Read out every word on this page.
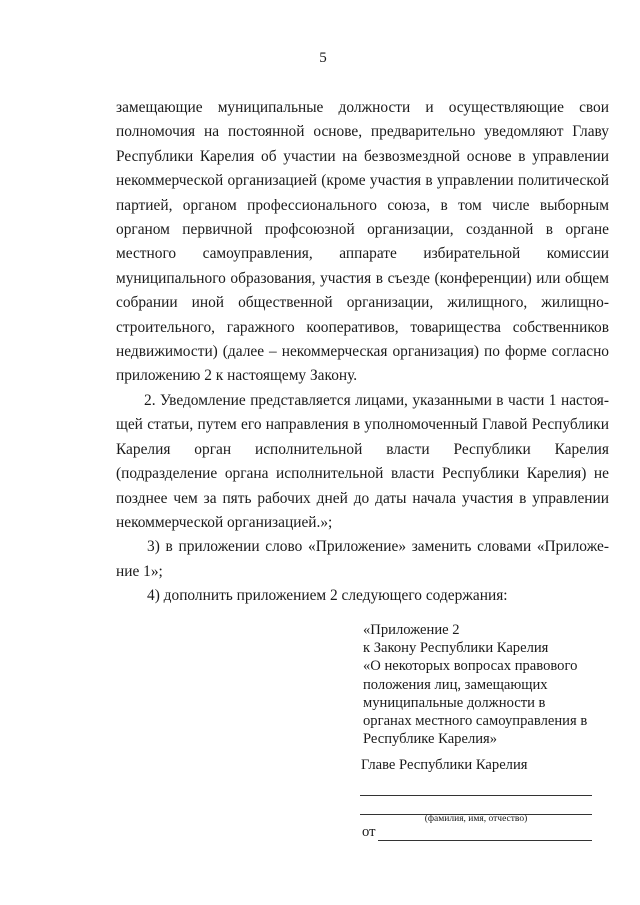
5

замещающие муниципальные должности и осуществляющие свои полномочия на постоянной основе, предварительно уведомляют Главу Республики Карелия об участии на безвозмездной основе в управлении некоммерческой организацией (кроме участия в управлении политической партией, органом профессионального союза, в том числе выборным органом первичной профсоюзной организации, созданной в органе местного самоуправления, аппарате избирательной комиссии муниципального образования, участия в съезде (конференции) или общем собрании иной общественной организации, жилищного, жилищно-строительного, гаражного кооперативов, товарищества собственников недвижимости) (далее – некоммерческая организация) по форме согласно приложению 2 к настоящему Закону.

2. Уведомление представляется лицами, указанными в части 1 настоящей статьи, путем его направления в уполномоченный Главой Республики Карелия орган исполнительной власти Республики Карелия (подразделение органа исполнительной власти Республики Карелия) не позднее чем за пять рабочих дней до даты начала участия в управлении некоммерческой организацией.»;

3) в приложении слово «Приложение» заменить словами «Приложение 1»;

4) дополнить приложением 2 следующего содержания:

«Приложение 2
к Закону Республики Карелия
«О некоторых вопросах правового
положения лиц, замещающих
муниципальные должности в
органах местного самоуправления в
Республике Карелия»
Главе Республики Карелия
(фамилия, имя, отчество)
от
